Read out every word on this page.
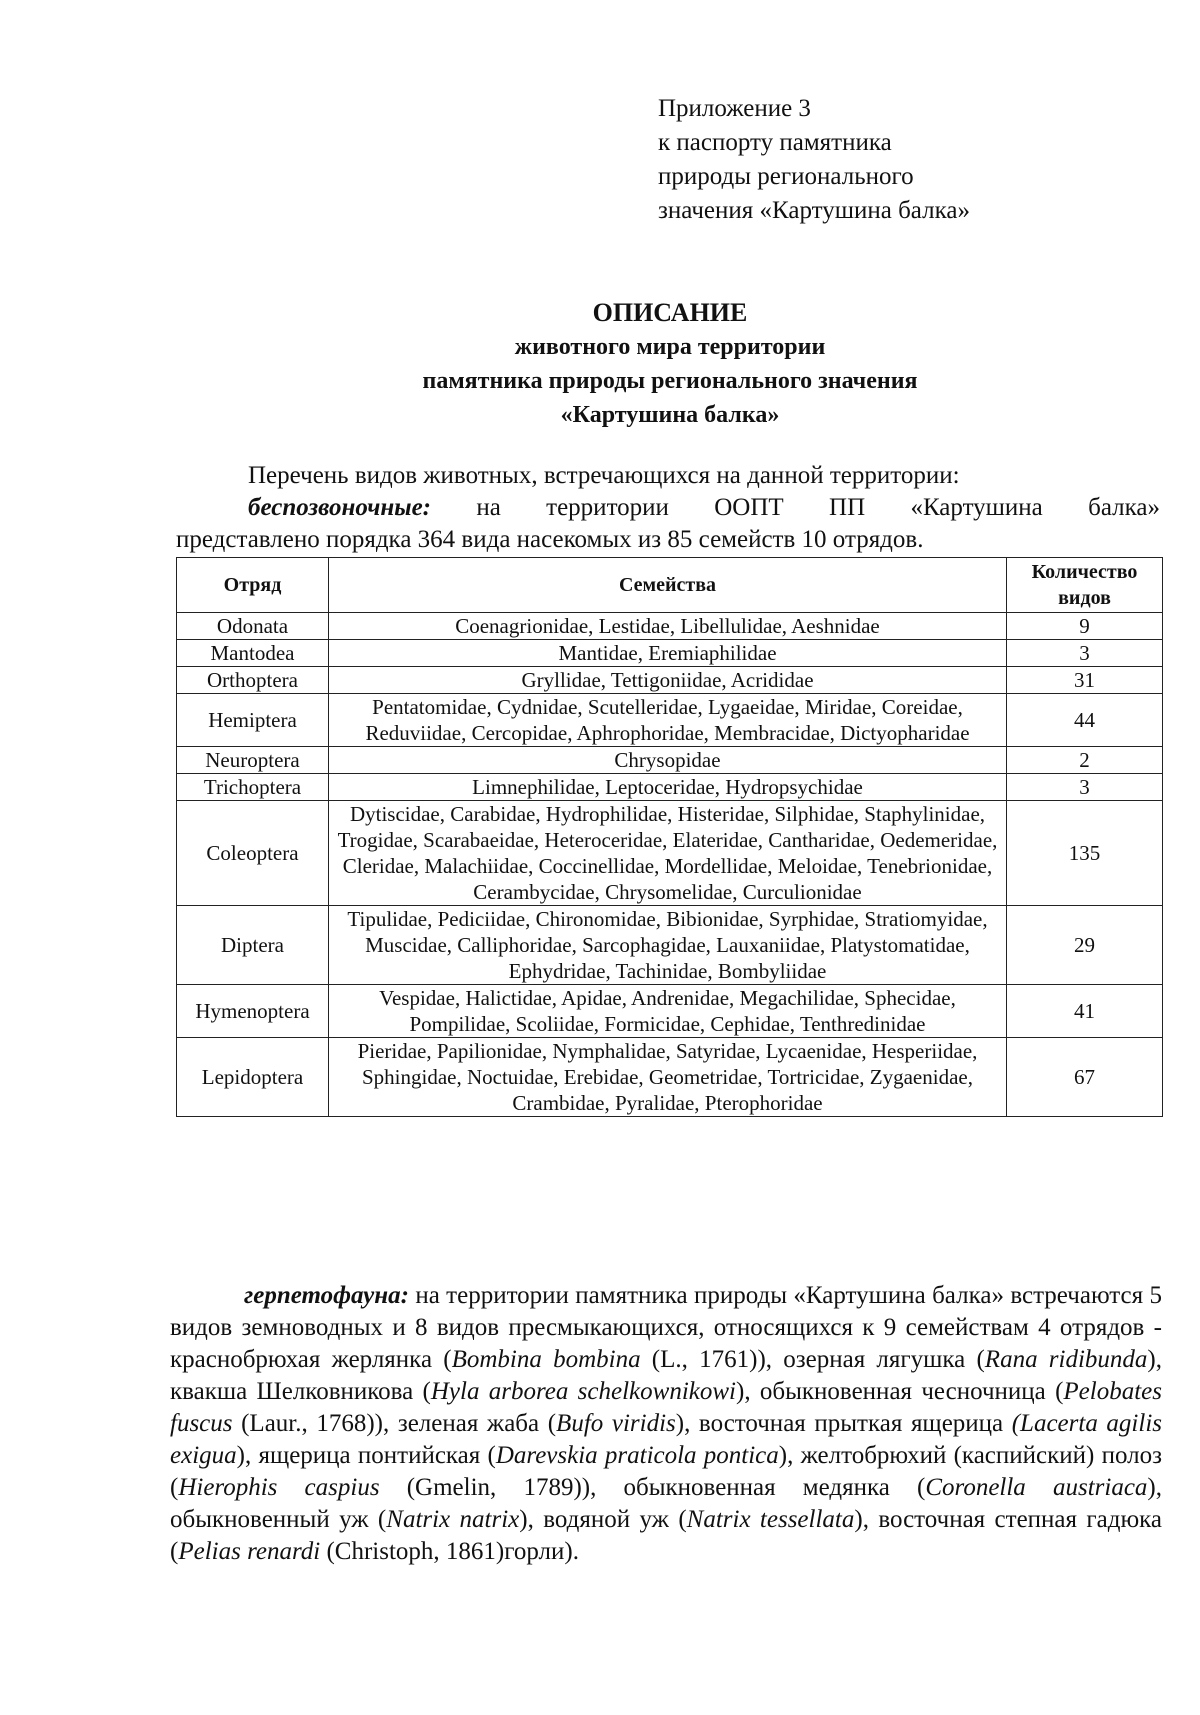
Приложение 3
к паспорту памятника
природы регионального
значения «Картушина балка»
ОПИСАНИЕ
животного мира территории
памятника природы регионального значения
«Картушина балка»
Перечень видов животных, встречающихся на данной территории:
беспозвоночные: на территории ООПТ ПП «Картушина балка»
представлено порядка 364 вида насекомых из 85 семейств 10 отрядов.
Отряд	Семейства	Количество видов
Odonata	Coenagrionidae, Lestidae, Libellulidae, Aeshnidae	9
Mantodea	Mantidae, Eremiaphilidae	3
Orthoptera	Gryllidae, Tettigoniidae, Acrididae	31
Hemiptera	Pentatomidae, Cydnidae, Scutelleridae, Lygaeidae, Miridae, Coreidae, Reduviidae, Cercopidae, Aphrophoridae, Membracidae, Dictyopharidae	44
Neuroptera	Chrysopidae	2
Trichoptera	Limnephilidae, Leptoceridae, Hydropsychidae	3
Coleoptera	Dytiscidae, Carabidae, Hydrophilidae, Histeridae, Silphidae, Staphylinidae, Trogidae, Scarabaeidae, Heteroceridae, Elateridae, Cantharidae, Oedemeridae, Cleridae, Malachiidae, Coccinellidae, Mordellidae, Meloidae, Tenebrionidae, Cerambycidae, Chrysomelidae, Curculionidae	135
Diptera	Tipulidae, Pediciidae, Chironomidae, Bibionidae, Syrphidae, Stratiomyidae, Muscidae, Calliphoridae, Sarcophagidae, Lauxaniidae, Platystomatidae, Ephydridae, Tachinidae, Bombyliidae	29
Hymenoptera	Vespidae, Halictidae, Apidae, Andrenidae, Megachilidae, Sphecidae, Pompilidae, Scoliidae, Formicidae, Cephidae, Tenthredinidae	41
Lepidoptera	Pieridae, Papilionidae, Nymphalidae, Satyridae, Lycaenidae, Hesperiidae, Sphingidae, Noctuidae, Erebidae, Geometridae, Tortricidae, Zygaenidae, Crambidae, Pyralidae, Pterophoridae	67
герпетофауна: на территории памятника природы «Картушина балка» встречаются 5 видов земноводных и 8 видов пресмыкающихся, относящихся к 9 семействам 4 отрядов - краснобрюхая жерлянка (Bombina bombina (L., 1761)), озерная лягушка (Rana ridibunda), квакша Шелковникова (Hyla arborea schelkownikowi), обыкновенная чесночница (Pelobates fuscus (Laur., 1768)), зеленая жаба (Bufo viridis), восточная прыткая ящерица (Lacerta agilis exigua), ящерица понтийская (Darevskia praticola pontica), желтобрюхий (каспийский) полоз (Hierophis caspius (Gmelin, 1789)), обыкновенная медянка (Coronella austriaca), обыкновенный уж (Natrix natrix), водяной уж (Natrix tessellata), восточная степная гадюка (Pelias renardi (Christoph, 1861)горли).
